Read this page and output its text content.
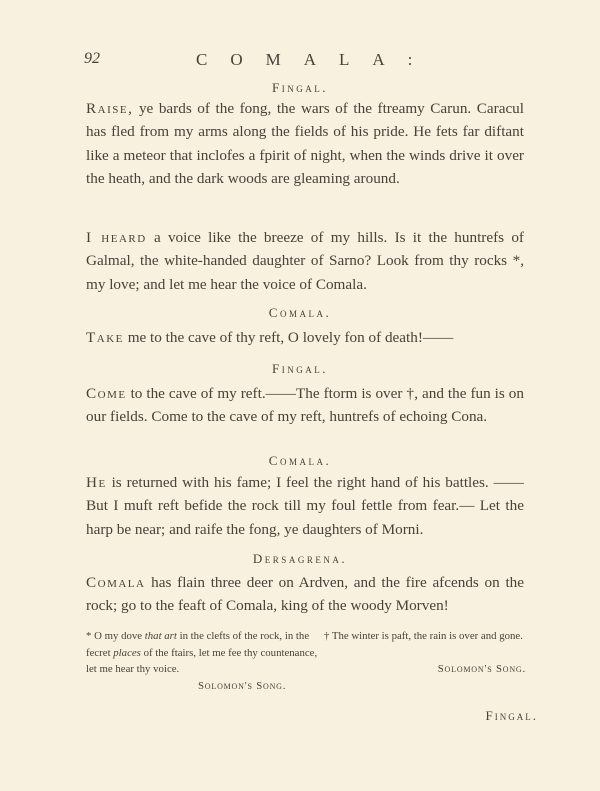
92	COMALA:
Fingal.
Raise, ye bards of the fong, the wars of the ftreamy Carun. Caracul has fled from my arms along the fields of his pride. He fets far diftant like a meteor that inclofes a fpirit of night, when the winds drive it over the heath, and the dark woods are gleaming around.
I heard a voice like the breeze of my hills. Is it the huntrefs of Galmal, the white-handed daughter of Sarno? Look from thy rocks *, my love; and let me hear the voice of Comala.
Comala.
Take me to the cave of thy reft, O lovely fon of death!——
Fingal.
Come to the cave of my reft.——The ftorm is over †, and the fun is on our fields. Come to the cave of my reft, huntrefs of echoing Cona.
Comala.
He is returned with his fame; I feel the right hand of his battles. ——But I muft reft befide the rock till my foul fettle from fear.— Let the harp be near; and raife the fong, ye daughters of Morni.
Dersagrena.
Comala has flain three deer on Ardven, and the fire afcends on the rock; go to the feaft of Comala, king of the woody Morven!
* O my dove that art in the clefts of the rock, in the fecret places of the ftairs, let me fee thy countenance, let me hear thy voice.
Solomon's Song.
† The winter is paft, the rain is over and gone.
Solomon's Song.
Fingal.
